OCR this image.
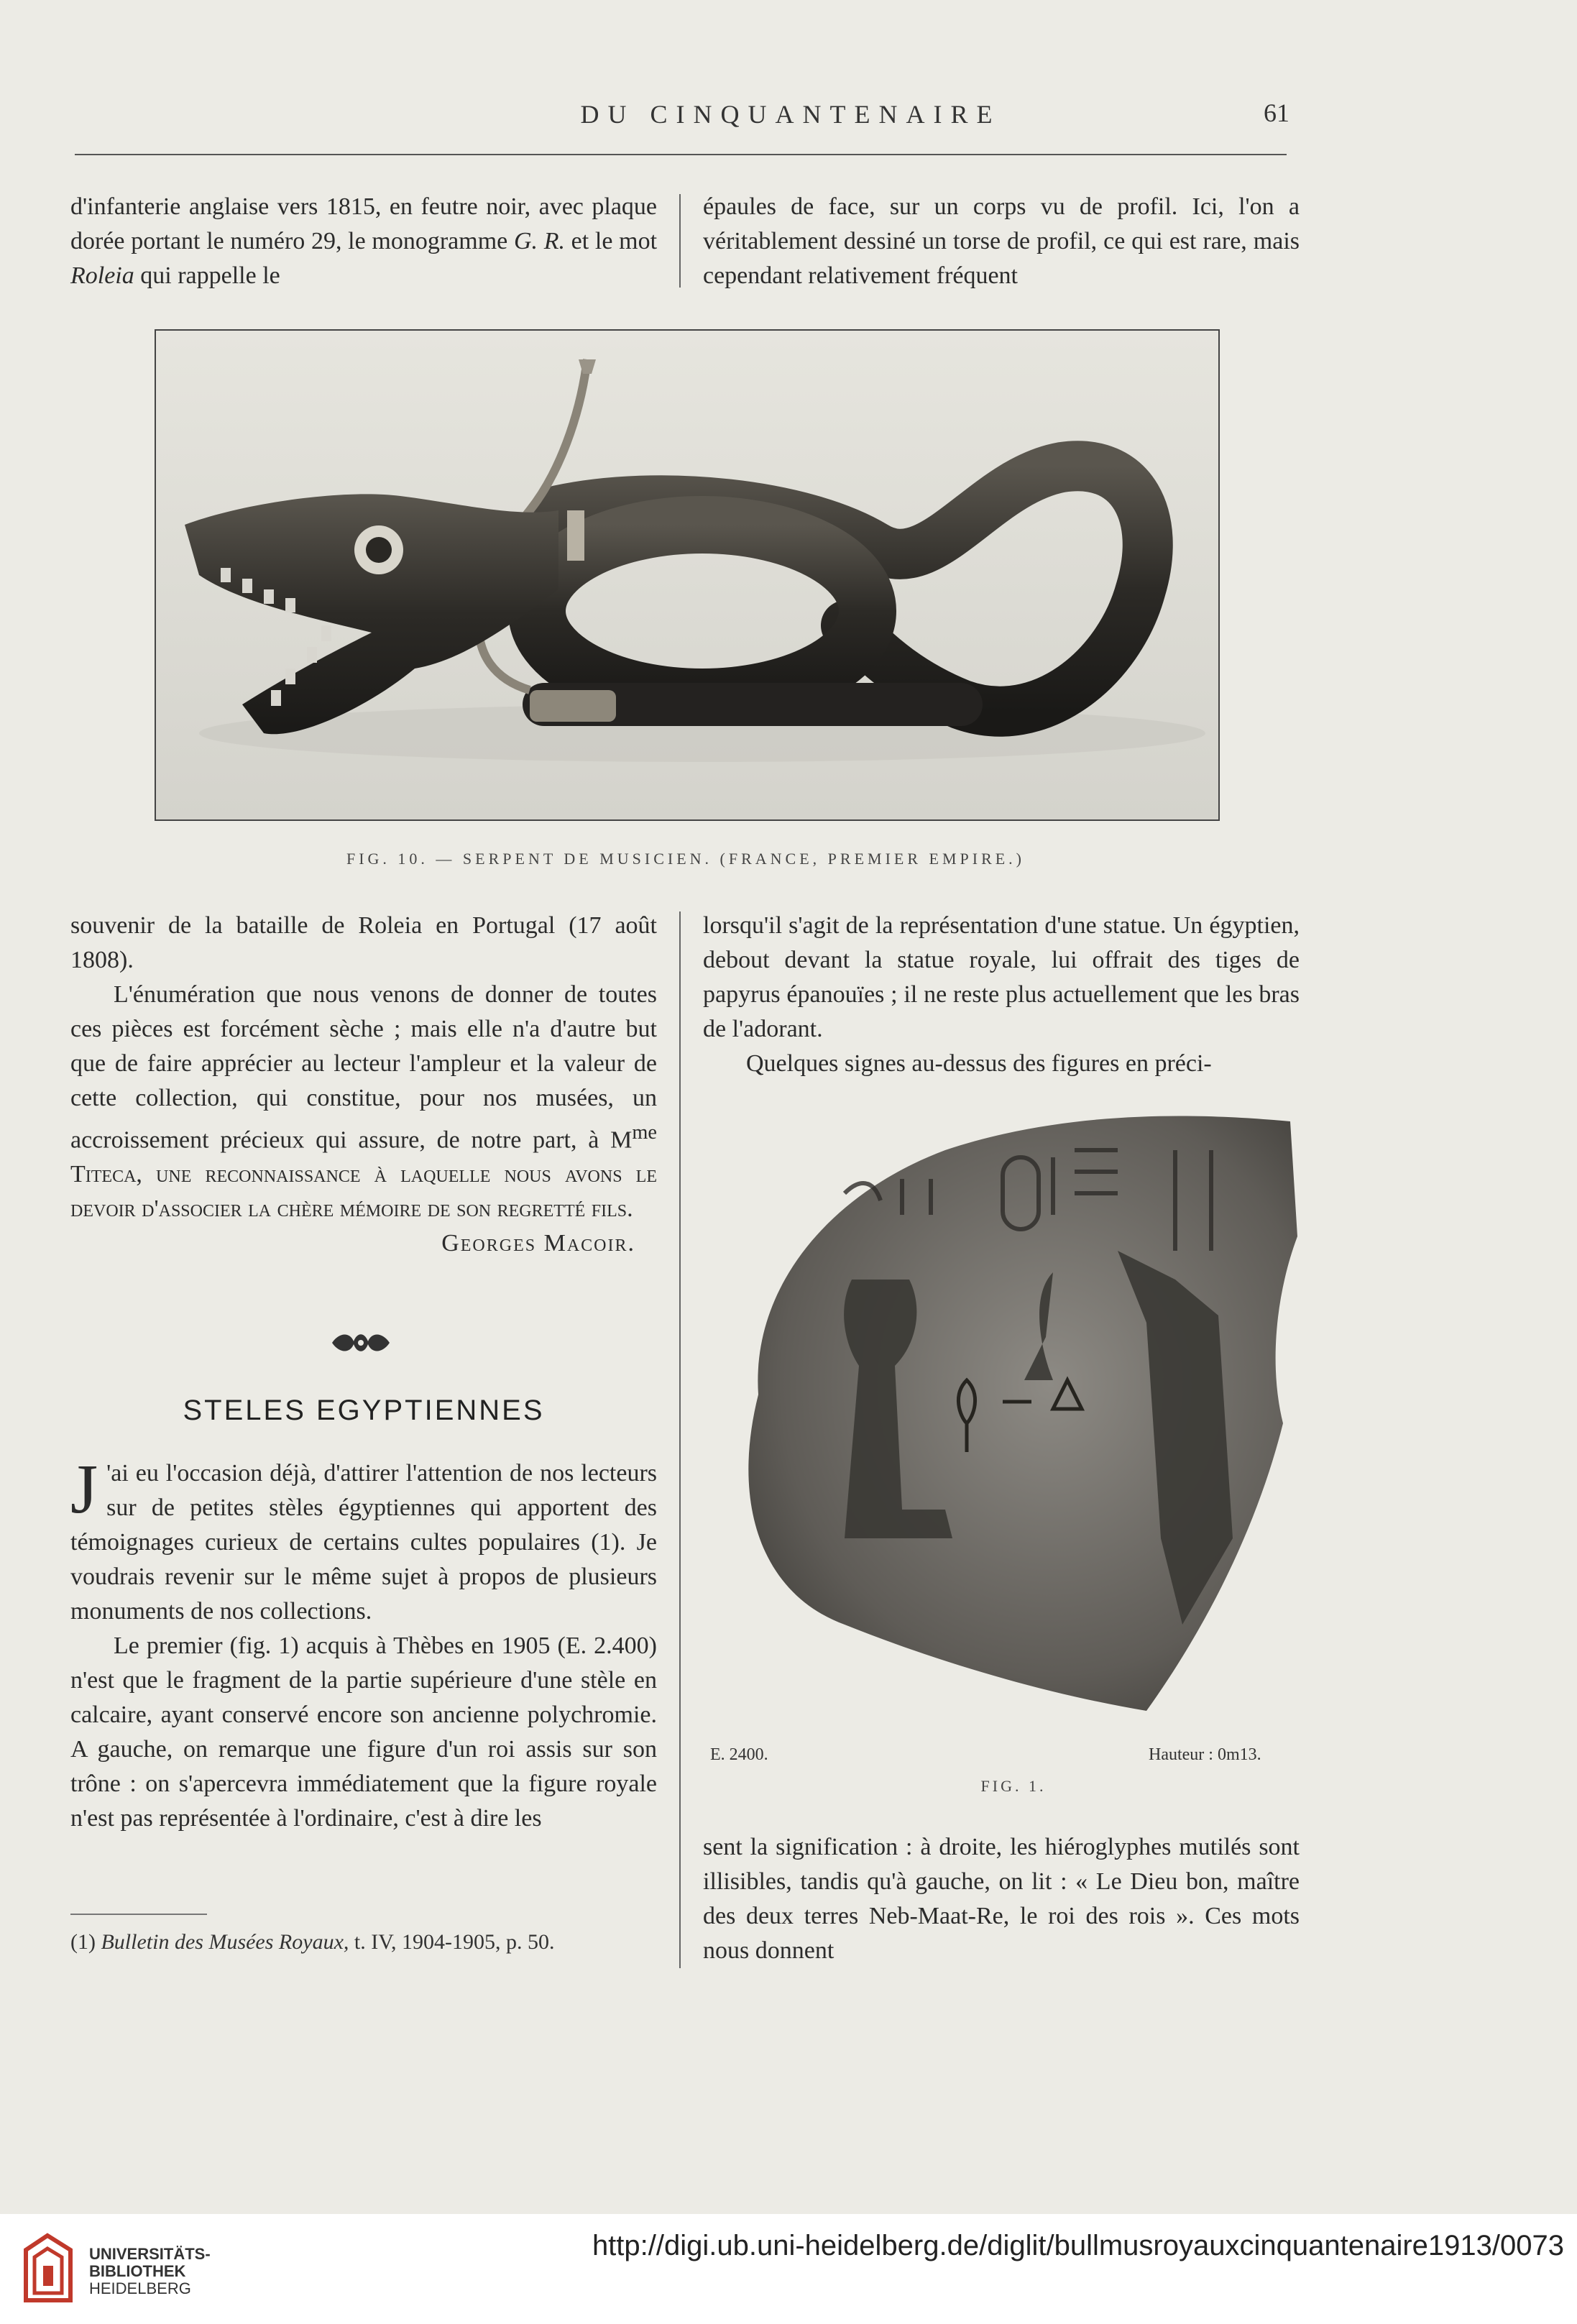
DU CINQUANTENAIRE	61

d'infanterie anglaise vers 1815, en feutre noir, avec plaque dorée portant le numéro 29, le monogramme G. R. et le mot Roleia qui rappelle le

épaules de face, sur un corps vu de profil. Ici, l'on a véritablement dessiné un torse de profil, ce qui est rare, mais cependant relativement fréquent

FIG. 10. — SERPENT DE MUSICIEN. (FRANCE, PREMIER EMPIRE.)

souvenir de la bataille de Roleia en Portugal (17 août 1808).

L'énumération que nous venons de donner de toutes ces pièces est forcément sèche ; mais elle n'a d'autre but que de faire apprécier au lecteur l'ampleur et la valeur de cette collection, qui constitue, pour nos musées, un accroissement précieux qui assure, de notre part, à $M^{me}$ Titeca, une reconnaissance à laquelle nous avons le devoir d'associer la chère mémoire de son regretté fils.

Georges Macoir.

STELES EGYPTIENNES

J 'ai eu l'occasion déjà, d'attirer l'attention de nos lecteurs sur de petites stèles égyptiennes qui apportent des témoignages curieux de certains cultes populaires (1). Je voudrais revenir sur le même sujet à propos de plusieurs monuments de nos collections.

Le premier (fig. 1) acquis à Thèbes en 1905 (E. 2.400) n'est que le fragment de la partie supérieure d'une stèle en calcaire, ayant conservé encore son ancienne polychromie. A gauche, on remarque une figure d'un roi assis sur son trône : on s'apercevra immédiatement que la figure royale n'est pas représentée à l'ordinaire, c'est à dire les

(1) Bulletin des Musées Royaux, t. IV, 1904-1905, p. 50.

lorsqu'il s'agit de la représentation d'une statue. Un égyptien, debout devant la statue royale, lui offrait des tiges de papyrus épanouïes ; il ne reste plus actuellement que les bras de l'adorant.

Quelques signes au-dessus des figures en préci-

E. 2400.	Hauteur : 0m13.
FIG. 1.

sent la signification : à droite, les hiéroglyphes mutilés sont illisibles, tandis qu'à gauche, on lit : « Le Dieu bon, maître des deux terres Neb-Maat-Re, le roi des rois ». Ces mots nous donnent

UNIVERSITÄTS-
BIBLIOTHEK
HEIDELBERG
http://digi.ub.uni-heidelberg.de/diglit/bullmusroyauxcinquantenaire1913/0073
